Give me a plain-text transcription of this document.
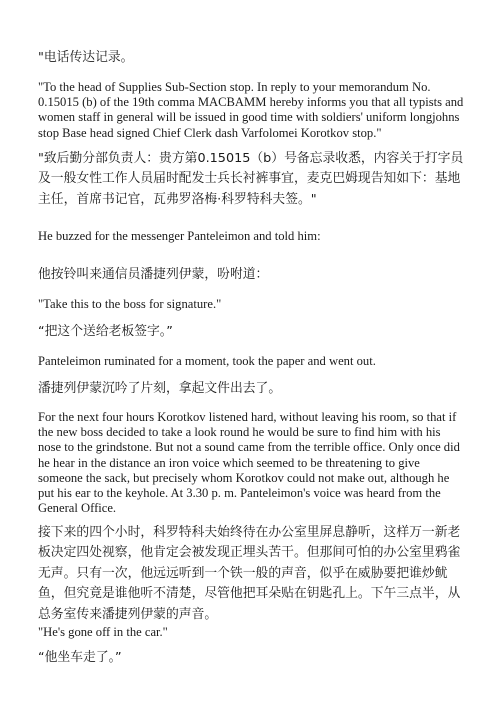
"电话传达记录。

"To the head of Supplies Sub-Section stop. In reply to your memorandum No. 0.15015 (b) of the 19th comma MACBAMM hereby informs you that all typists and women staff in general will be issued in good time with soldiers' uniform longjohns stop Base head signed Chief Clerk dash Varfolomei Korotkov stop."

"致后勤分部负责人：贵方第0.15015（b）号备忘录收悉，内容关于打字员及一般女性工作人员届时配发士兵长衬裤事宜，麦克巴姆现告知如下：基地主任，首席书记官，瓦弗罗洛梅·科罗特科夫签。"

He buzzed for the messenger Panteleimon and told him:

他按铃叫来通信员潘捷列伊蒙，吩咐道：

"Take this to the boss for signature."

“把这个送给老板签字。”

Panteleimon ruminated for a moment, took the paper and went out.

潘捷列伊蒙沉吟了片刻，拿起文件出去了。

For the next four hours Korotkov listened hard, without leaving his room, so that if the new boss decided to take a look round he would be sure to find him with his nose to the grindstone. But not a sound came from the terrible office. Only once did he hear in the distance an iron voice which seemed to be threatening to give someone the sack, but precisely whom Korotkov could not make out, although he put his ear to the keyhole. At 3.30 p. m. Panteleimon's voice was heard from the General Office.

接下来的四个小时，科罗特科夫始终待在办公室里屏息静听，这样万一新老板决定四处视察，他肯定会被发现正埋头苦干。但那间可怕的办公室里鸦雀无声。只有一次，他远远听到一个铁一般的声音，似乎在威胁要把谁炒鱿鱼，但究竟是谁他听不清楚，尽管他把耳朵贴在钥匙孔上。下午三点半，从总务室传来潘捷列伊蒙的声音。

"He's gone off in the car."

“他坐车走了。”
